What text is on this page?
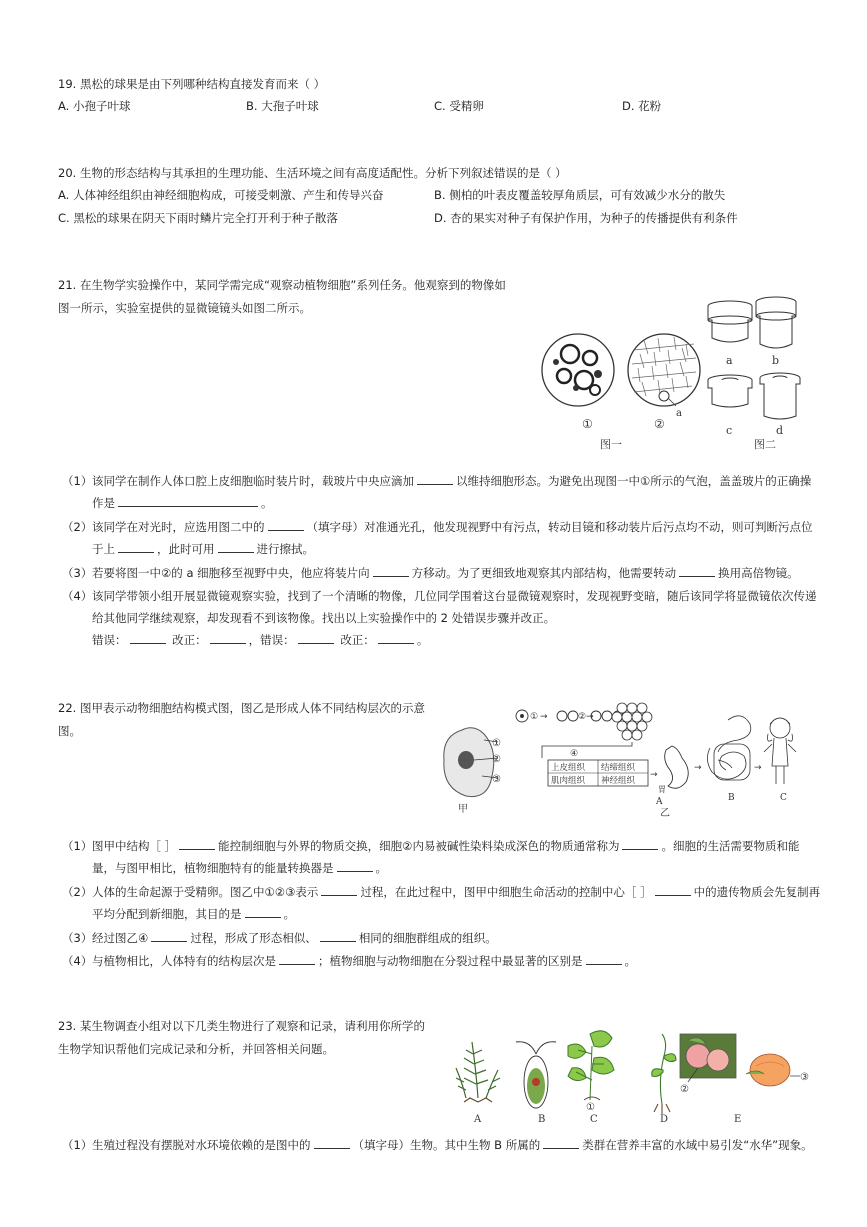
19. 黑松的球果是由下列哪种结构直接发育而来（ ）
A. 小孢子叶球	B. 大孢子叶球	C. 受精卵	D. 花粉
20. 生物的形态结构与其承担的生理功能、生活环境之间有高度适配性。分析下列叙述错误的是（ ）
A. 人体神经组织由神经细胞构成，可接受刺激、产生和传导兴奋	B. 侧柏的叶表皮覆盖较厚角质层，可有效减少水分的散失
C. 黑松的球果在阴天下雨时鳞片完全打开利于种子散落	D. 杏的果实对种子有保护作用，为种子的传播提供有利条件
21. 在生物学实验操作中，某同学需完成“观察动植物细胞”系列任务。他观察到的物像如
图一所示，实验室提供的显微镜镜头如图二所示。
a
①	②
图一
a	b
c	d
图二
（1） 该同学在制作人体口腔上皮细胞临时装片时，载玻片中央应滴加	以维持细胞形态。为避免出现图一中①所示的气泡，盖盖玻片的正确操作是	。
（2） 该同学在对光时，应选用图二中的	（填字母）对准通光孔，他发现视野中有污点，转动目镜和移动装片后污点均不动，则可判断污点位于上	，此时可用	进行擦拭。
（3） 若要将图一中②的 a 细胞移至视野中央，他应将装片向	方移动。为了更细致地观察其内部结构，他需要转动	换用高倍物镜。
（4） 该同学带领小组开展显微镜观察实验，找到了一个清晰的物像，几位同学围着这台显微镜观察时，发现视野变暗，随后该同学将显微镜依次传递给其他同学继续观察，却发现看不到该物像。找出以上实验操作中的 2 处错误步骤并改正。
错误：	改正：	，错误：	改正：	。
22. 图甲表示动物细胞结构模式图，图乙是形成人体不同结构层次的示意
图。
①
②
③
甲
① →	② →
④
上皮组织 结缔组织
肌肉组织 神经组织
→
胃
→	→
A
乙
B	C
（1） 图甲中结构［ ］	能控制细胞与外界的物质交换，细胞②内易被碱性染料染成深色的物质通常称为	。细胞的生活需要物质和能量，与图甲相比，植物细胞特有的能量转换器是	。
（2） 人体的生命起源于受精卵。图乙中①②③表示	过程，在此过程中，图甲中细胞生命活动的控制中心［ ］	中的遗传物质会先复制再平均分配到新细胞，其目的是	。
（3） 经过图乙④	过程，形成了形态相似、	相同的细胞群组成的组织。
（4） 与植物相比，人体特有的结构层次是	；植物细胞与动物细胞在分裂过程中最显著的区别是	。
23. 某生物调查小组对以下几类生物进行了观察和记录，请利用你所学的
生物学知识帮他们完成记录和分析，并回答相关问题。
①
②
③
A	B	C	D	E
（1） 生殖过程没有摆脱对水环境依赖的是图中的	（填字母）生物。其中生物 B 所属的	类群在营养丰富的水域中易引发“水华”现象。
